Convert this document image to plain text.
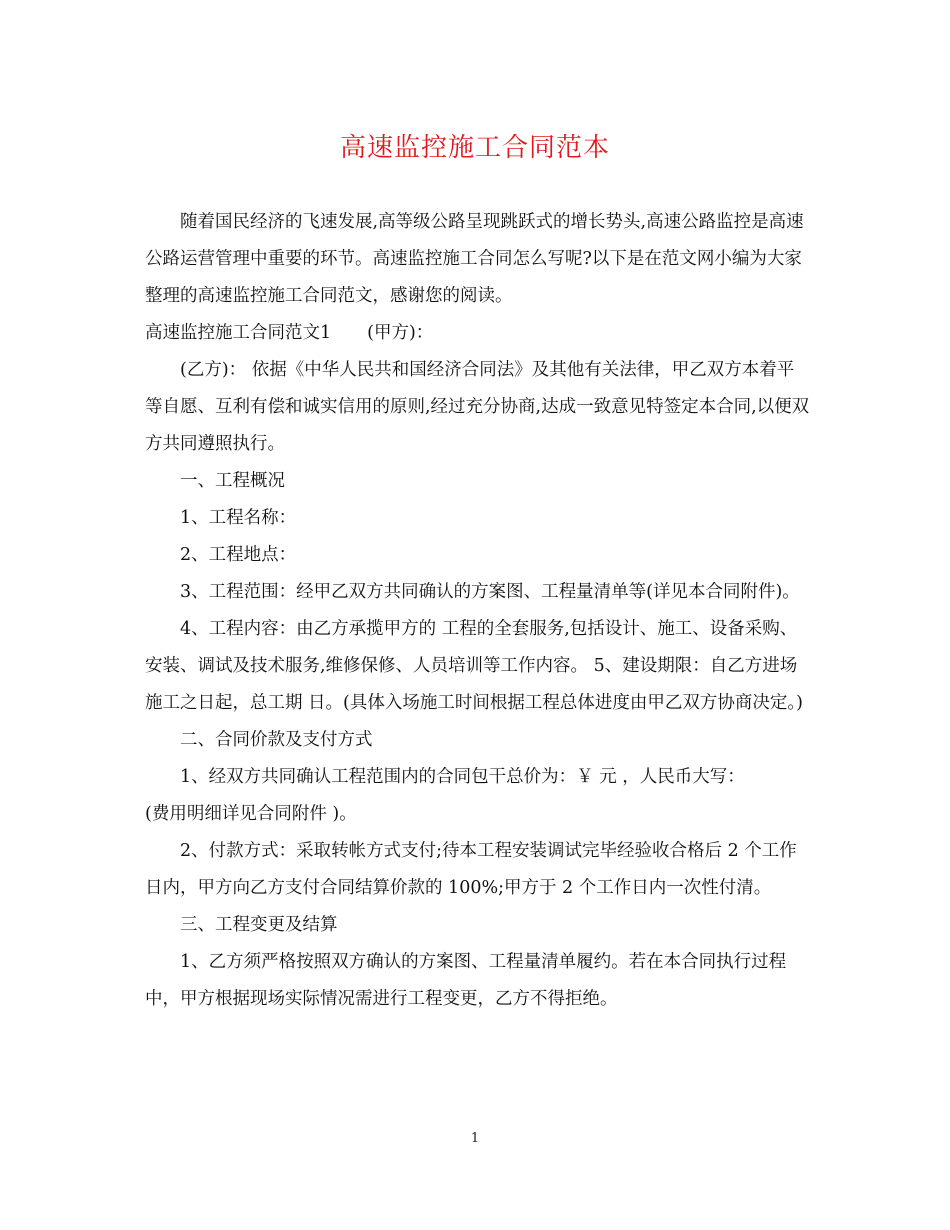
高速监控施工合同范本

随着国民经济的飞速发展,高等级公路呈现跳跃式的增长势头,高速公路监控是高速公路运营管理中重要的环节。高速监控施工合同怎么写呢?以下是在范文网小编为大家整理的高速监控施工合同范文，感谢您的阅读。

高速监控施工合同范文1 (甲方)：

(乙方)： 依据《中华人民共和国经济合同法》及其他有关法律，甲乙双方本着平等自愿、互利有偿和诚实信用的原则,经过充分协商,达成一致意见特签定本合同,以便双方共同遵照执行。

一、工程概况

1、工程名称：

2、工程地点：

3、工程范围：经甲乙双方共同确认的方案图、工程量清单等(详见本合同附件)。

4、工程内容：由乙方承揽甲方的 工程的全套服务,包括设计、施工、设备采购、安装、调试及技术服务,维修保修、人员培训等工作内容。 5、建设期限：自乙方进场施工之日起，总工期 日。(具体入场施工时间根据工程总体进度由甲乙双方协商决定。)

二、合同价款及支付方式

1、经双方共同确认工程范围内的合同包干总价为：￥ 元 ，人民币大写：

(费用明细详见合同附件 )。

2、付款方式：采取转帐方式支付;待本工程安装调试完毕经验收合格后 2 个工作日内，甲方向乙方支付合同结算价款的 100%;甲方于 2 个工作日内一次性付清。

三、工程变更及结算

1、乙方须严格按照双方确认的方案图、工程量清单履约。若在本合同执行过程中，甲方根据现场实际情况需进行工程变更，乙方不得拒绝。

1
